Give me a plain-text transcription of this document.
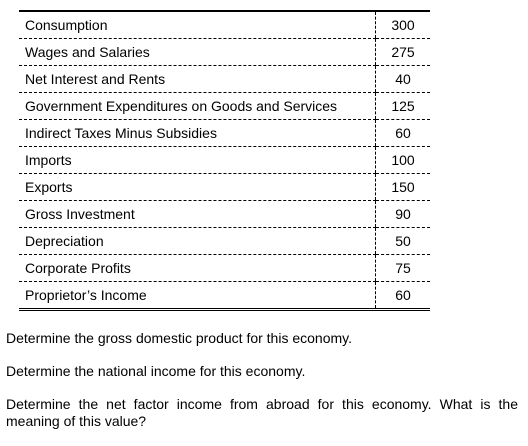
Consumption	300
Wages and Salaries	275
Net Interest and Rents	40
Government Expenditures on Goods and Services	125
Indirect Taxes Minus Subsidies	60
Imports	100
Exports	150
Gross Investment	90
Depreciation	50
Corporate Profits	75
Proprietor’s Income	60

Determine the gross domestic product for this economy.

Determine the national income for this economy.

Determine the net factor income from abroad for this economy. What is the meaning of this value?
